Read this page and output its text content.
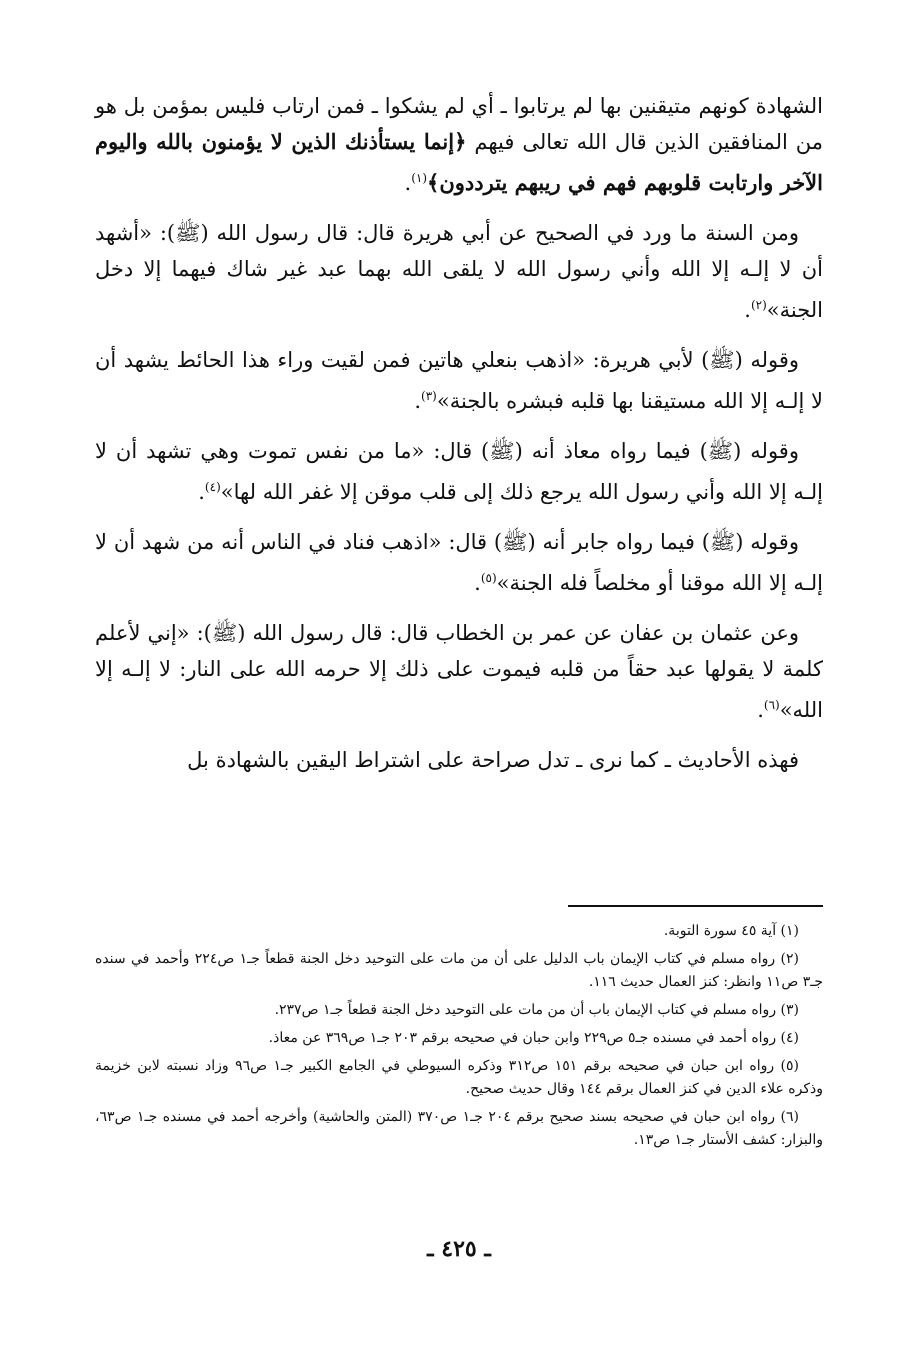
الشهادة كونهم متيقنين بها لم يرتابوا ـ أي لم يشكوا ـ فمن ارتاب فليس بمؤمن بل هو من المنافقين الذين قال الله تعالى فيهم ﴿إنما يستأذنك الذين لا يؤمنون بالله واليوم الآخر وارتابت قلوبهم فهم في ريبهم يترددون﴾$^{(١)}$.

ومن السنة ما ورد في الصحيح عن أبي هريرة قال: قال رسول الله (ﷺ): «أشهد أن لا إلـه إلا الله وأني رسول الله لا يلقى الله بهما عبد غير شاك فيهما إلا دخل الجنة»$^{(٢)}$.

وقوله (ﷺ) لأبي هريرة: «اذهب بنعلي هاتين فمن لقيت وراء هذا الحائط يشهد أن لا إلـه إلا الله مستيقنا بها قلبه فبشره بالجنة»$^{(٣)}$.

وقوله (ﷺ) فيما رواه معاذ أنه (ﷺ) قال: «ما من نفس تموت وهي تشهد أن لا إلـه إلا الله وأني رسول الله يرجع ذلك إلى قلب موقن إلا غفر الله لها»$^{(٤)}$.

وقوله (ﷺ) فيما رواه جابر أنه (ﷺ) قال: «اذهب فناد في الناس أنه من شهد أن لا إلـه إلا الله موقنا أو مخلصاً فله الجنة»$^{(٥)}$.

وعن عثمان بن عفان عن عمر بن الخطاب قال: قال رسول الله (ﷺ): «إني لأعلم كلمة لا يقولها عبد حقاً من قلبه فيموت على ذلك إلا حرمه الله على النار: لا إلـه إلا الله»$^{(٦)}$.

فهذه الأحاديث ـ كما نرى ـ تدل صراحة على اشتراط اليقين بالشهادة بل

(١) آية ٤٥ سورة التوبة.

(٢) رواه مسلم في كتاب الإيمان باب الدليل على أن من مات على التوحيد دخل الجنة قطعاً جـ١ ص٢٢٤ وأحمد في سنده جـ٣ ص١١ وانظر: كنز العمال حديث ١١٦.

(٣) رواه مسلم في كتاب الإيمان باب أن من مات على التوحيد دخل الجنة قطعاً جـ١ ص٢٣٧.

(٤) رواه أحمد في مسنده جـ٥ ص٢٢٩ وابن حبان في صحيحه برقم ٢٠٣ جـ١ ص٣٦٩ عن معاذ.

(٥) رواه ابن حبان في صحيحه برقم ١٥١ ص٣١٢ وذكره السيوطي في الجامع الكبير جـ١ ص٩٦ وزاد نسبته لابن خزيمة وذكره علاء الدين في كنز العمال برقم ١٤٤ وقال حديث صحيح.

(٦) رواه ابن حبان في صحيحه بسند صحيح برقم ٢٠٤ جـ١ ص٣٧٠ (المتن والحاشية) وأخرجه أحمد في مسنده جـ١ ص٦٣، والبزار: كشف الأستار جـ١ ص١٣.

ـ ٤٢٥ ـ
